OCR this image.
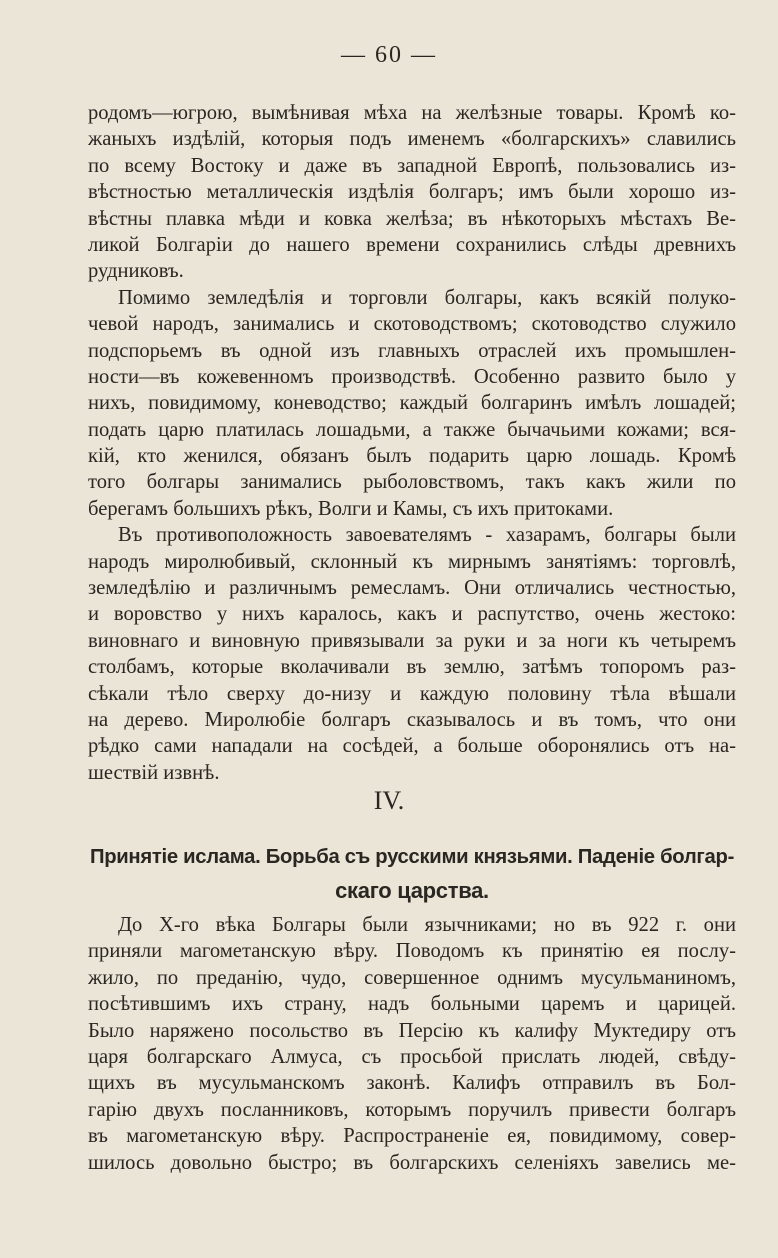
— 60 —
родомъ—югрою, вымѣнивая мѣха на желѣзные товары. Кромѣ ко-
жаныхъ издѣлій, которыя подъ именемъ «болгарскихъ» славились
по всему Востоку и даже въ западной Европѣ, пользовались из-
вѣстностью металлическія издѣлія болгаръ; имъ были хорошо из-
вѣстны плавка мѣди и ковка желѣза; въ нѣкоторыхъ мѣстахъ Ве-
ликой Болгаріи до нашего времени сохранились слѣды древнихъ
рудниковъ.
Помимо земледѣлія и торговли болгары, какъ всякій полуко-
чевой народъ, занимались и скотоводствомъ; скотоводство служило
подспорьемъ въ одной изъ главныхъ отраслей ихъ промышлен-
ности—въ кожевенномъ производствѣ. Особенно развито было у
нихъ, повидимому, коневодство; каждый болгаринъ имѣлъ лошадей;
подать царю платилась лошадьми, а также бычачьими кожами; вся-
кій, кто женился, обязанъ былъ подарить царю лошадь. Кромѣ
того болгары занимались рыболовствомъ, такъ какъ жили по
берегамъ большихъ рѣкъ, Волги и Камы, съ ихъ притоками.
Въ противоположность завоевателямъ - хазарамъ, болгары были
народъ миролюбивый, склонный къ мирнымъ занятіямъ: торговлѣ,
земледѣлію и различнымъ ремесламъ. Они отличались честностью,
и воровство у нихъ каралось, какъ и распутство, очень жестоко:
виновнаго и виновную привязывали за руки и за ноги къ четыремъ
столбамъ, которые вколачивали въ землю, затѣмъ топоромъ раз-
сѣкали тѣло сверху до-низу и каждую половину тѣла вѣшали
на дерево. Миролюбіе болгаръ сказывалось и въ томъ, что они
рѣдко сами нападали на сосѣдей, а больше оборонялись отъ на-
шествій извнѣ.
IV.
Принятіе ислама. Борьба съ русскими князьями. Паденіе болгар-
скаго царства.
До X-го вѣка Болгары были язычниками; но въ 922 г. они
приняли магометанскую вѣру. Поводомъ къ принятію ея послу-
жило, по преданію, чудо, совершенное однимъ мусульманиномъ,
посѣтившимъ ихъ страну, надъ больными царемъ и царицей.
Было наряжено посольство въ Персію къ калифу Муктедиру отъ
царя болгарскаго Алмуса, съ просьбой прислать людей, свѣду-
щихъ въ мусульманскомъ законѣ. Калифъ отправилъ въ Бол-
гарію двухъ посланниковъ, которымъ поручилъ привести болгаръ
въ магометанскую вѣру. Распространеніе ея, повидимому, совер-
шилось довольно быстро; въ болгарскихъ селеніяхъ завелись ме-
